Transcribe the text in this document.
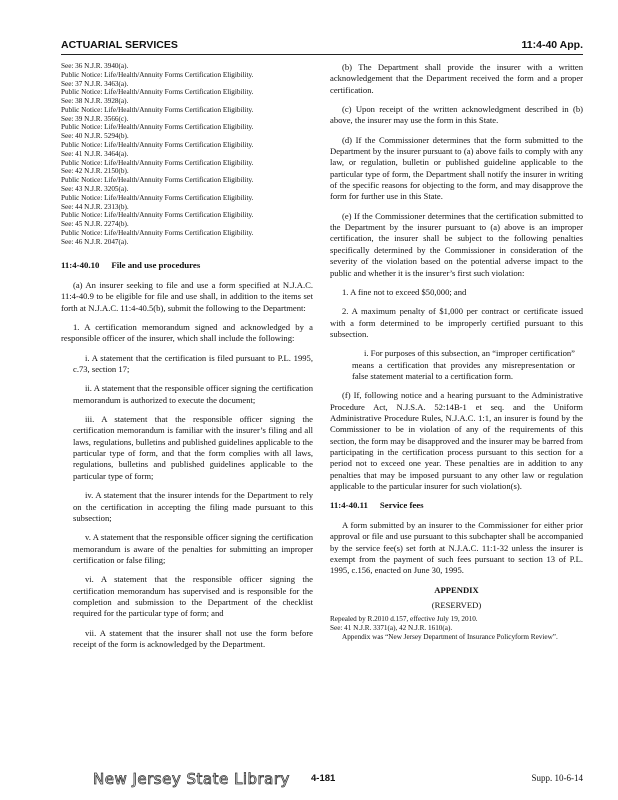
ACTUARIAL SERVICES	11:4-40 App.
See: 36 N.J.R. 3940(a).
Public Notice: Life/Health/Annuity Forms Certification Eligibility.
See: 37 N.J.R. 3463(a).
Public Notice: Life/Health/Annuity Forms Certification Eligibility.
See: 38 N.J.R. 3928(a).
Public Notice: Life/Health/Annuity Forms Certification Eligibility.
See: 39 N.J.R. 3566(c).
Public Notice: Life/Health/Annuity Forms Certification Eligibility.
See: 40 N.J.R. 5294(b).
Public Notice: Life/Health/Annuity Forms Certification Eligibility.
See: 41 N.J.R. 3464(a).
Public Notice: Life/Health/Annuity Forms Certification Eligibility.
See: 42 N.J.R. 2150(b).
Public Notice: Life/Health/Annuity Forms Certification Eligibility.
See: 43 N.J.R. 3205(a).
Public Notice: Life/Health/Annuity Forms Certification Eligibility.
See: 44 N.J.R. 2313(b).
Public Notice: Life/Health/Annuity Forms Certification Eligibility.
See: 45 N.J.R. 2274(b).
Public Notice: Life/Health/Annuity Forms Certification Eligibility.
See: 46 N.J.R. 2047(a).
11:4-40.10 File and use procedures

(a) An insurer seeking to file and use a form specified at N.J.A.C. 11:4-40.9 to be eligible for file and use shall, in addition to the items set forth at N.J.A.C. 11:4-40.5(b), submit the following to the Department:

1. A certification memorandum signed and acknowledged by a responsible officer of the insurer, which shall include the following:

i. A statement that the certification is filed pursuant to P.L. 1995, c.73, section 17;

ii. A statement that the responsible officer signing the certification memorandum is authorized to execute the document;

iii. A statement that the responsible officer signing the certification memorandum is familiar with the insurer’s filing and all laws, regulations, bulletins and published guidelines applicable to the particular type of form, and that the form complies with all laws, regulations, bulletins and published guidelines applicable to the particular type of form;

iv. A statement that the insurer intends for the Department to rely on the certification in accepting the filing made pursuant to this subsection;

v. A statement that the responsible officer signing the certification memorandum is aware of the penalties for submitting an improper certification or false filing;

vi. A statement that the responsible officer signing the certification memorandum has supervised and is responsible for the completion and submission to the Department of the checklist required for the particular type of form; and

vii. A statement that the insurer shall not use the form before receipt of the form is acknowledged by the Department.

(b) The Department shall provide the insurer with a written acknowledgement that the Department received the form and a proper certification.

(c) Upon receipt of the written acknowledgment described in (b) above, the insurer may use the form in this State.

(d) If the Commissioner determines that the form submitted to the Department by the insurer pursuant to (a) above fails to comply with any law, or regulation, bulletin or published guideline applicable to the particular type of form, the Department shall notify the insurer in writing of the specific reasons for objecting to the form, and may disapprove the form for further use in this State.

(e) If the Commissioner determines that the certification submitted to the Department by the insurer pursuant to (a) above is an improper certification, the insurer shall be subject to the following penalties specifically determined by the Commissioner in consideration of the severity of the violation based on the potential adverse impact to the public and whether it is the insurer’s first such violation:

1. A fine not to exceed $50,000; and

2. A maximum penalty of $1,000 per contract or certificate issued with a form determined to be improperly certified pursuant to this subsection.

i. For purposes of this subsection, an “improper certification” means a certification that provides any misrepresentation or false statement material to a certification form.

(f) If, following notice and a hearing pursuant to the Administrative Procedure Act, N.J.S.A. 52:14B-1 et seq. and the Uniform Administrative Procedure Rules, N.J.A.C. 1:1, an insurer is found by the Commissioner to be in violation of any of the requirements of this section, the form may be disapproved and the insurer may be barred from participating in the certification process pursuant to this section for a period not to exceed one year. These penalties are in addition to any penalties that may be imposed pursuant to any other law or regulation applicable to the particular insurer for such violation(s).

11:4-40.11 Service fees

A form submitted by an insurer to the Commissioner for either prior approval or file and use pursuant to this subchapter shall be accompanied by the service fee(s) set forth at N.J.A.C. 11:1-32 unless the insurer is exempt from the payment of such fees pursuant to section 13 of P.L. 1995, c.156, enacted on June 30, 1995.

APPENDIX
(RESERVED)

Repealed by R.2010 d.157, effective July 19, 2010.

See: 41 N.J.R. 3371(a), 42 N.J.R. 1610(a).

Appendix was “New Jersey Department of Insurance Policyform Review”.

New Jersey State Library 4-181	Supp. 10-6-14
